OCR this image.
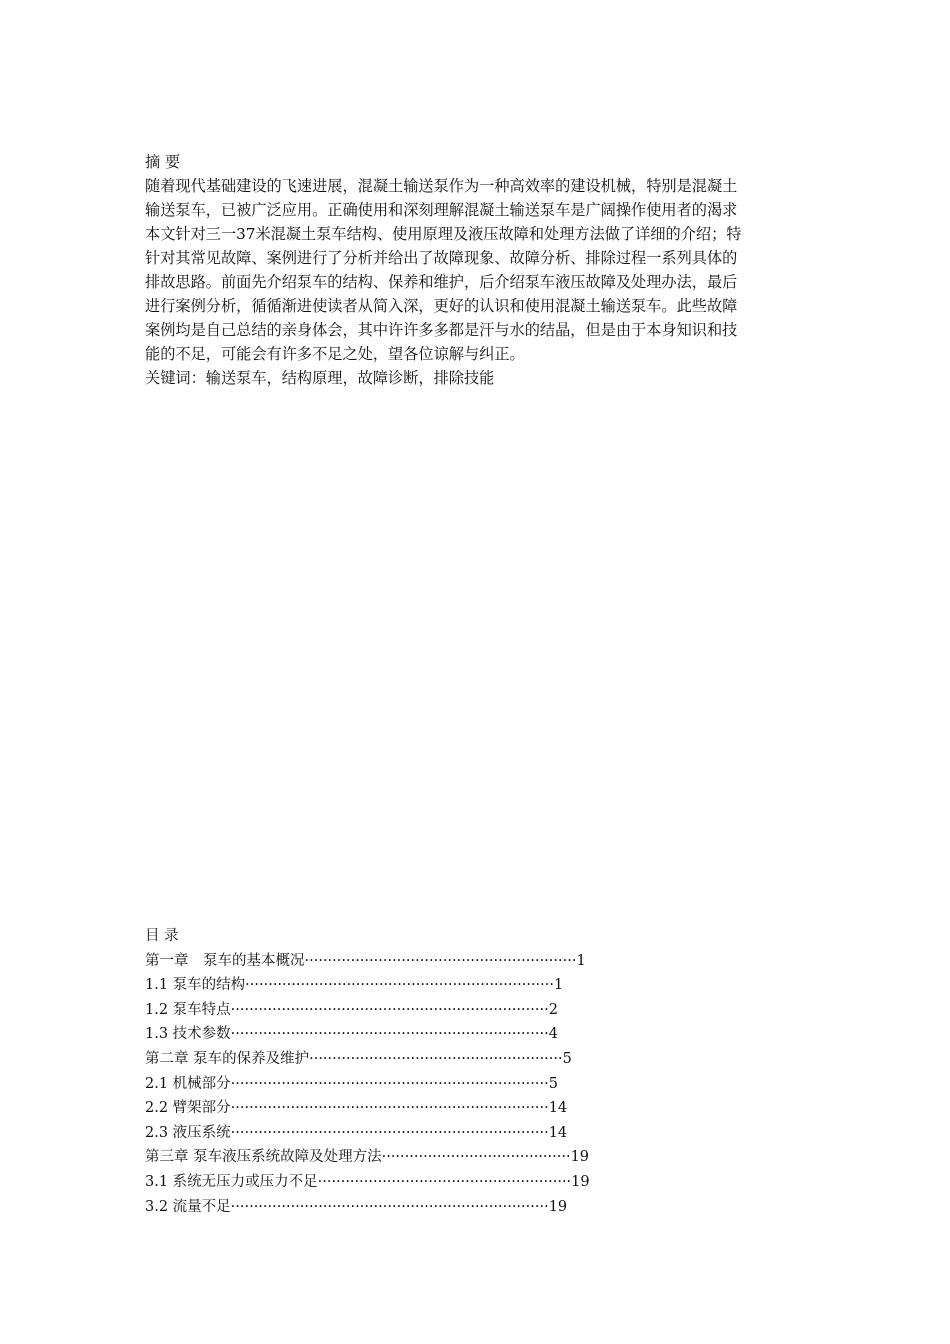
摘 要
随着现代基础建设的飞速进展，混凝土输送泵作为一种高效率的建设机械，特别是混凝土
输送泵车，已被广泛应用。正确使用和深刻理解混凝土输送泵车是广阔操作使用者的渴求
本文针对三一37米混凝土泵车结构、使用原理及液压故障和处理方法做了详细的介绍；特
针对其常见故障、案例进行了分析并给出了故障现象、故障分析、排除过程一系列具体的
排故思路。前面先介绍泵车的结构、保养和维护，后介绍泵车液压故障及处理办法，最后
进行案例分析，循循渐进使读者从简入深，更好的认识和使用混凝土输送泵车。此些故障
案例均是自己总结的亲身体会，其中许许多多都是汗与水的结晶，但是由于本身知识和技
能的不足，可能会有许多不足之处，望各位谅解与纠正。
关键词：输送泵车，结构原理，故障诊断，排除技能
目 录
第一章　泵车的基本概况···························································1
1.1 泵车的结构···································································1
1.2 泵车特点·····································································2
1.3 技术参数·····································································4
第二章 泵车的保养及维护·······················································5
2.1 机械部分·····································································5
2.2 臂架部分·····································································14
2.3 液压系统·····································································14
第三章 泵车液压系统故障及处理方法·········································19
3.1 系统无压力或压力不足·······················································19
3.2 流量不足·····································································19
